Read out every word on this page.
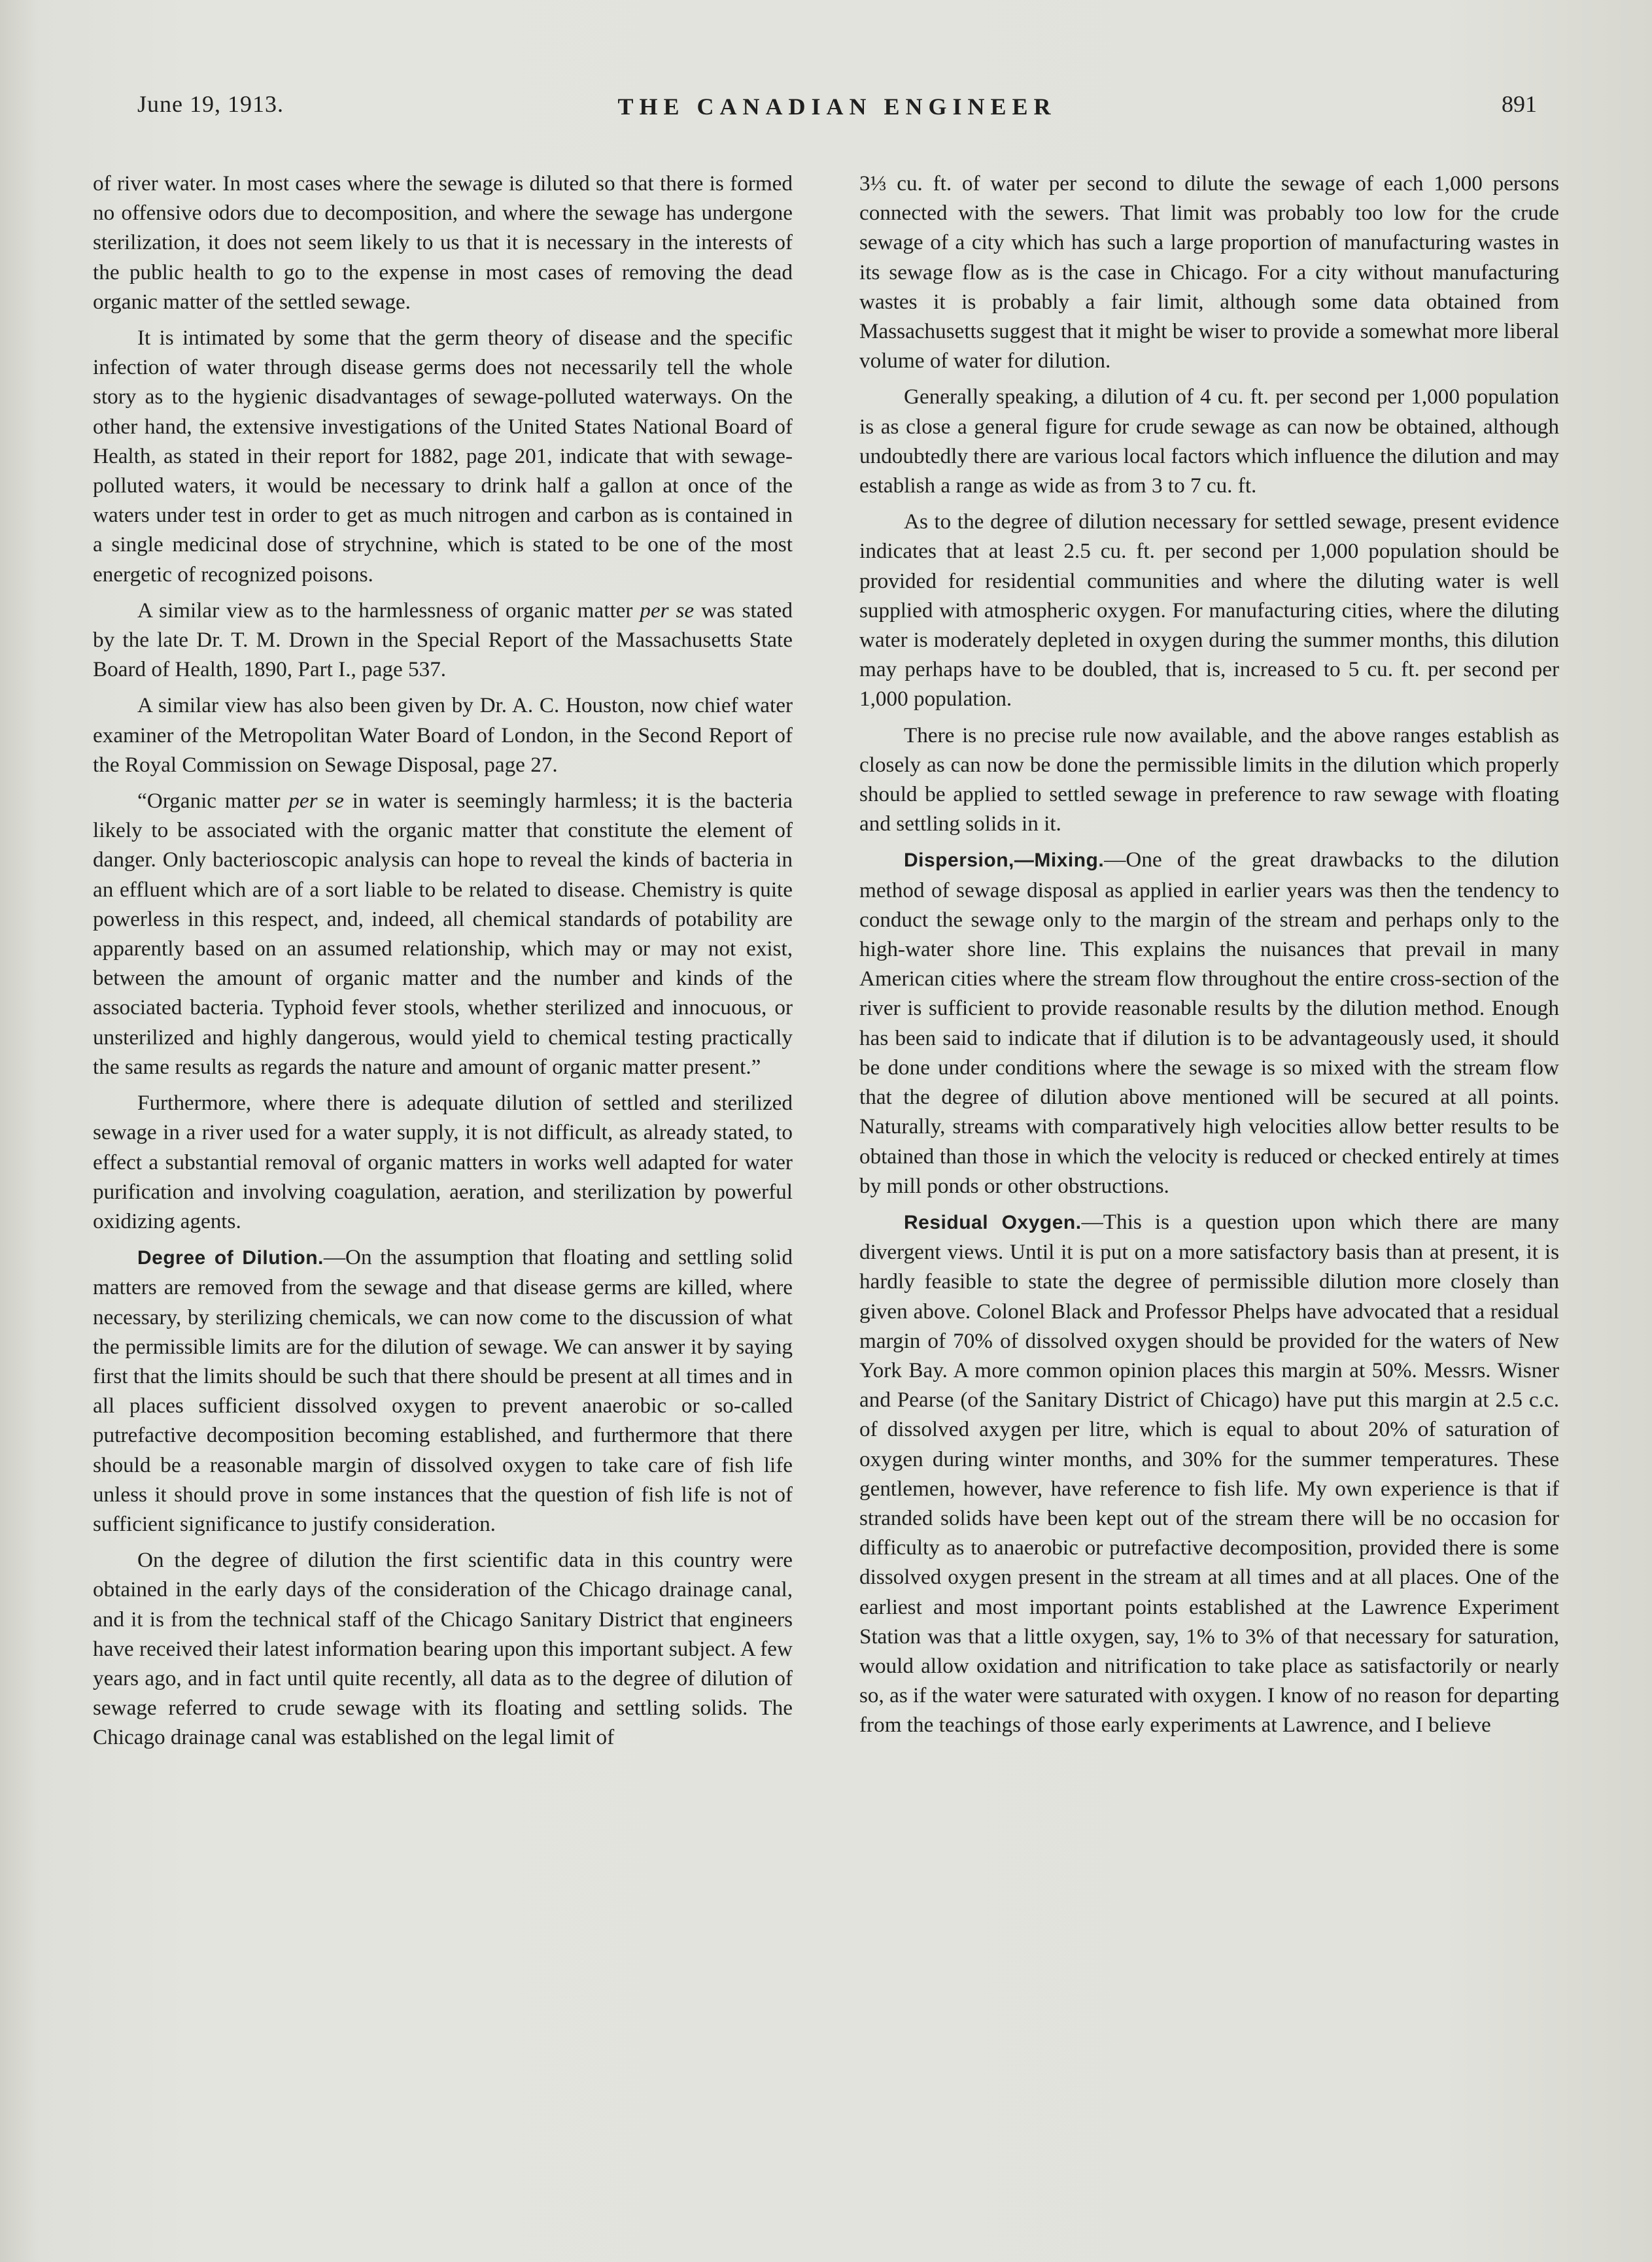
June 19, 1913.	THE CANADIAN ENGINEER	891

of river water. In most cases where the sewage is diluted so that there is formed no offensive odors due to decomposition, and where the sewage has undergone sterilization, it does not seem likely to us that it is necessary in the interests of the public health to go to the expense in most cases of removing the dead organic matter of the settled sewage.

It is intimated by some that the germ theory of disease and the specific infection of water through disease germs does not necessarily tell the whole story as to the hygienic disadvantages of sewage-polluted waterways. On the other hand, the extensive investigations of the United States National Board of Health, as stated in their report for 1882, page 201, indicate that with sewage-polluted waters, it would be necessary to drink half a gallon at once of the waters under test in order to get as much nitrogen and carbon as is contained in a single medicinal dose of strychnine, which is stated to be one of the most energetic of recognized poisons.

A similar view as to the harmlessness of organic matter per se was stated by the late Dr. T. M. Drown in the Special Report of the Massachusetts State Board of Health, 1890, Part I., page 537.

A similar view has also been given by Dr. A. C. Houston, now chief water examiner of the Metropolitan Water Board of London, in the Second Report of the Royal Commission on Sewage Disposal, page 27.

“Organic matter per se in water is seemingly harmless; it is the bacteria likely to be associated with the organic matter that constitute the element of danger. Only bacterioscopic analysis can hope to reveal the kinds of bacteria in an effluent which are of a sort liable to be related to disease. Chemistry is quite powerless in this respect, and, indeed, all chemical standards of potability are apparently based on an assumed relationship, which may or may not exist, between the amount of organic matter and the number and kinds of the associated bacteria. Typhoid fever stools, whether sterilized and innocuous, or unsterilized and highly dangerous, would yield to chemical testing practically the same results as regards the nature and amount of organic matter present.”

Furthermore, where there is adequate dilution of settled and sterilized sewage in a river used for a water supply, it is not difficult, as already stated, to effect a substantial removal of organic matters in works well adapted for water purification and involving coagulation, aeration, and sterilization by powerful oxidizing agents.

Degree of Dilution.—On the assumption that floating and settling solid matters are removed from the sewage and that disease germs are killed, where necessary, by sterilizing chemicals, we can now come to the discussion of what the permissible limits are for the dilution of sewage. We can answer it by saying first that the limits should be such that there should be present at all times and in all places sufficient dissolved oxygen to prevent anaerobic or so-called putrefactive decomposition becoming established, and furthermore that there should be a reasonable margin of dissolved oxygen to take care of fish life unless it should prove in some instances that the question of fish life is not of sufficient significance to justify consideration.

On the degree of dilution the first scientific data in this country were obtained in the early days of the consideration of the Chicago drainage canal, and it is from the technical staff of the Chicago Sanitary District that engineers have received their latest information bearing upon this important subject. A few years ago, and in fact until quite recently, all data as to the degree of dilution of sewage referred to crude sewage with its floating and settling solids. The Chicago drainage canal was established on the legal limit of

3⅓ cu. ft. of water per second to dilute the sewage of each 1,000 persons connected with the sewers. That limit was probably too low for the crude sewage of a city which has such a large proportion of manufacturing wastes in its sewage flow as is the case in Chicago. For a city without manufacturing wastes it is probably a fair limit, although some data obtained from Massachusetts suggest that it might be wiser to provide a somewhat more liberal volume of water for dilution.

Generally speaking, a dilution of 4 cu. ft. per second per 1,000 population is as close a general figure for crude sewage as can now be obtained, although undoubtedly there are various local factors which influence the dilution and may establish a range as wide as from 3 to 7 cu. ft.

As to the degree of dilution necessary for settled sewage, present evidence indicates that at least 2.5 cu. ft. per second per 1,000 population should be provided for residential communities and where the diluting water is well supplied with atmospheric oxygen. For manufacturing cities, where the diluting water is moderately depleted in oxygen during the summer months, this dilution may perhaps have to be doubled, that is, increased to 5 cu. ft. per second per 1,000 population.

There is no precise rule now available, and the above ranges establish as closely as can now be done the permissible limits in the dilution which properly should be applied to settled sewage in preference to raw sewage with floating and settling solids in it.

Dispersion,—Mixing.—One of the great drawbacks to the dilution method of sewage disposal as applied in earlier years was then the tendency to conduct the sewage only to the margin of the stream and perhaps only to the high-water shore line. This explains the nuisances that prevail in many American cities where the stream flow throughout the entire cross-section of the river is sufficient to provide reasonable results by the dilution method. Enough has been said to indicate that if dilution is to be advantageously used, it should be done under conditions where the sewage is so mixed with the stream flow that the degree of dilution above mentioned will be secured at all points. Naturally, streams with comparatively high velocities allow better results to be obtained than those in which the velocity is reduced or checked entirely at times by mill ponds or other obstructions.

Residual Oxygen.—This is a question upon which there are many divergent views. Until it is put on a more satisfactory basis than at present, it is hardly feasible to state the degree of permissible dilution more closely than given above. Colonel Black and Professor Phelps have advocated that a residual margin of 70% of dissolved oxygen should be provided for the waters of New York Bay. A more common opinion places this margin at 50%. Messrs. Wisner and Pearse (of the Sanitary District of Chicago) have put this margin at 2.5 c.c. of dissolved axygen per litre, which is equal to about 20% of saturation of oxygen during winter months, and 30% for the summer temperatures. These gentlemen, however, have reference to fish life. My own experience is that if stranded solids have been kept out of the stream there will be no occasion for difficulty as to anaerobic or putrefactive decomposition, provided there is some dissolved oxygen present in the stream at all times and at all places. One of the earliest and most important points established at the Lawrence Experiment Station was that a little oxygen, say, 1% to 3% of that necessary for saturation, would allow oxidation and nitrification to take place as satisfactorily or nearly so, as if the water were saturated with oxygen. I know of no reason for departing from the teachings of those early experiments at Lawrence, and I believe
